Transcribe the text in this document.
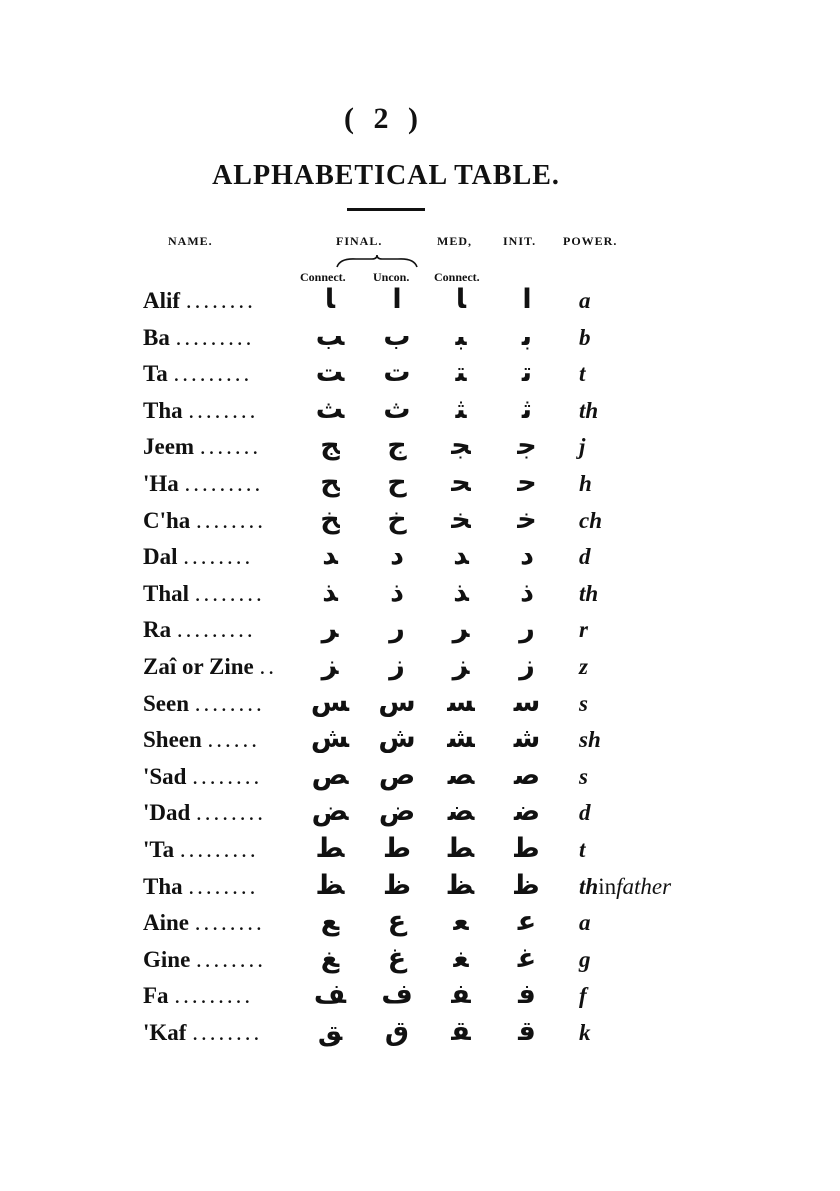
( 2 )
ALPHABETICAL TABLE.
NAME.	FINAL.	MED,	INIT. POWER.
Connect. Uncon. Connect.
Alif ........	ﺎ	ا	ﺎ	ا	a
Ba .........	ﺐ	ب	ﺒ	ﺑ	b
Ta .........	ﺖ	ت	ﺘ	ﺗ	t
Tha ........	ﺚ	ث	ﺜ	ﺛ	th
Jeem .......	ﺞ	ج	ﺠ	ﺟ	j
'Ha .........	ﺢ	ح	ﺤ	ﺣ	h
C'ha ........	ﺦ	خ	ﺨ	ﺧ	ch
Dal ........	ﺪ	د	ﺪ	د	d
Thal ........	ﺬ	ذ	ﺬ	ذ	th
Ra .........	ﺮ	ر	ﺮ	ر	r
Zaî or Zine ..	ﺰ	ز	ﺰ	ز	z
Seen ........	ﺲ	س	ﺴ	ﺳ	s
Sheen ......	ﺶ	ش	ﺸ	ﺷ	sh
'Sad ........	ﺺ	ص	ﺼ	ﺻ	s
'Dad ........	ﺾ	ض	ﻀ	ﺿ	d
'Ta .........	ﻂ	ط	ﻄ	ﻃ	t
Tha ........	ﻆ	ظ	ﻈ	ﻇ	thinfather
Aine ........	ﻊ	ع	ﻌ	ﻋ	a
Gine ........	ﻎ	غ	ﻐ	ﻏ	g
Fa .........	ﻒ	ف	ﻔ	ﻓ	f
'Kaf ........	ﻖ	ق	ﻘ	ﻗ	k
